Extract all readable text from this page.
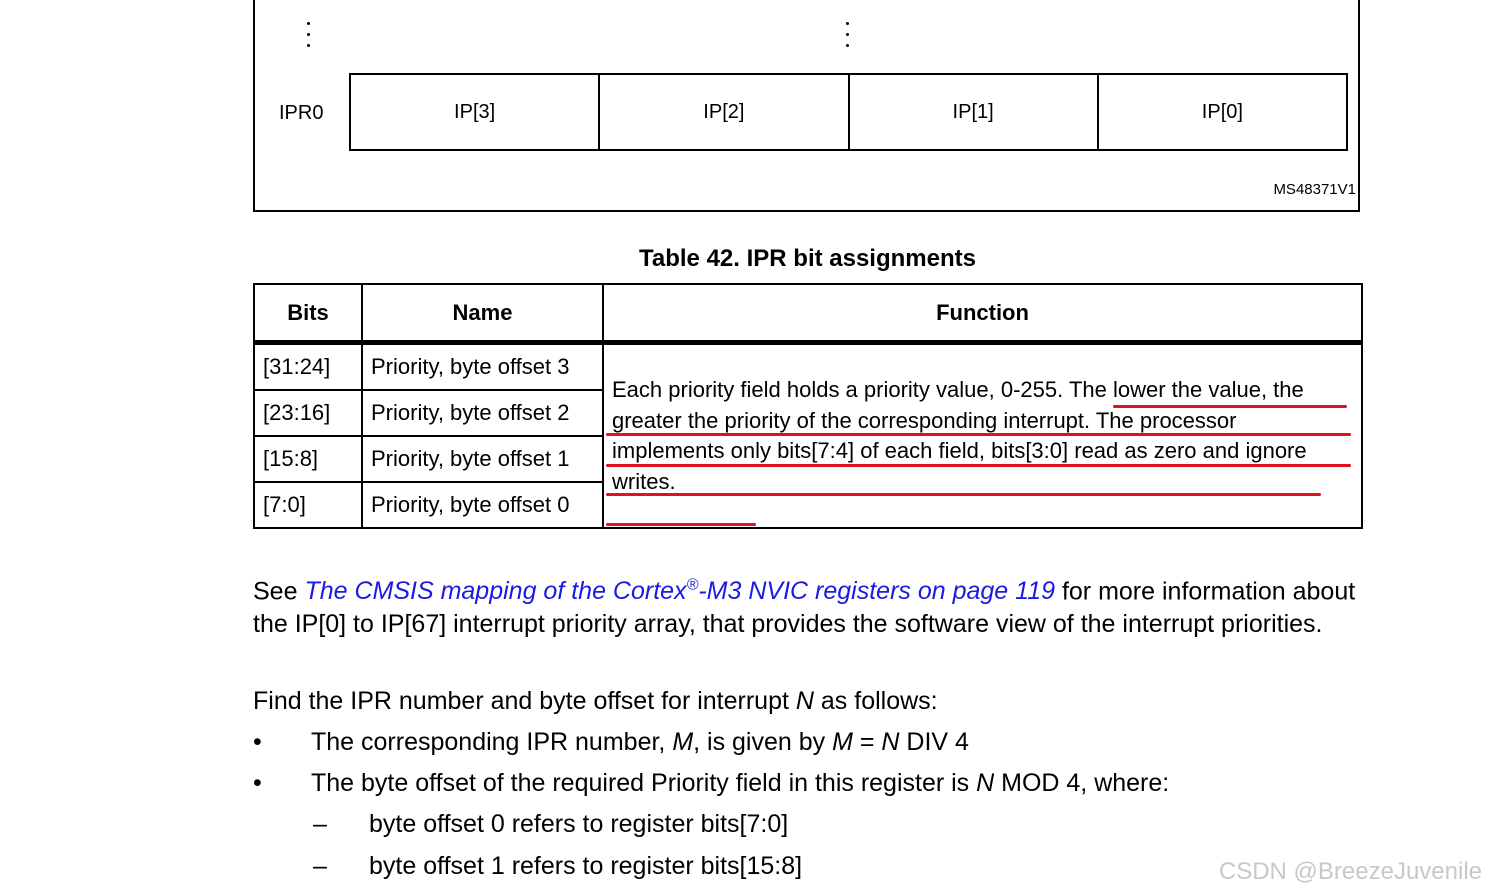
IPR0	IP[3]	IP[2]	IP[1]	IP[0]
MS48371V1
Table 42. IPR bit assignments
Bits	Name	Function
[31:24]	Priority, byte offset 3	Each priority field holds a priority value, 0-255. The lower the value, the greater the priority of the corresponding interrupt. The processor implements only bits[7:4] of each field, bits[3:0] read as zero and ignore writes.

[23:16]	Priority, byte offset 2	
[15:8]	Priority, byte offset 1	
[7:0]	Priority, byte offset 0	
See The CMSIS mapping of the Cortex®-M3 NVIC registers on page 119 for more information about the IP[0] to IP[67] interrupt priority array, that provides the software view of the interrupt priorities.
Find the IPR number and byte offset for interrupt N as follows:
•	The corresponding IPR number, M, is given by M = N DIV 4
•	The byte offset of the required Priority field in this register is N MOD 4, where:
– byte offset 0 refers to register bits[7:0]
– byte offset 1 refers to register bits[15:8]	CSDN @BreezeJuvenile
